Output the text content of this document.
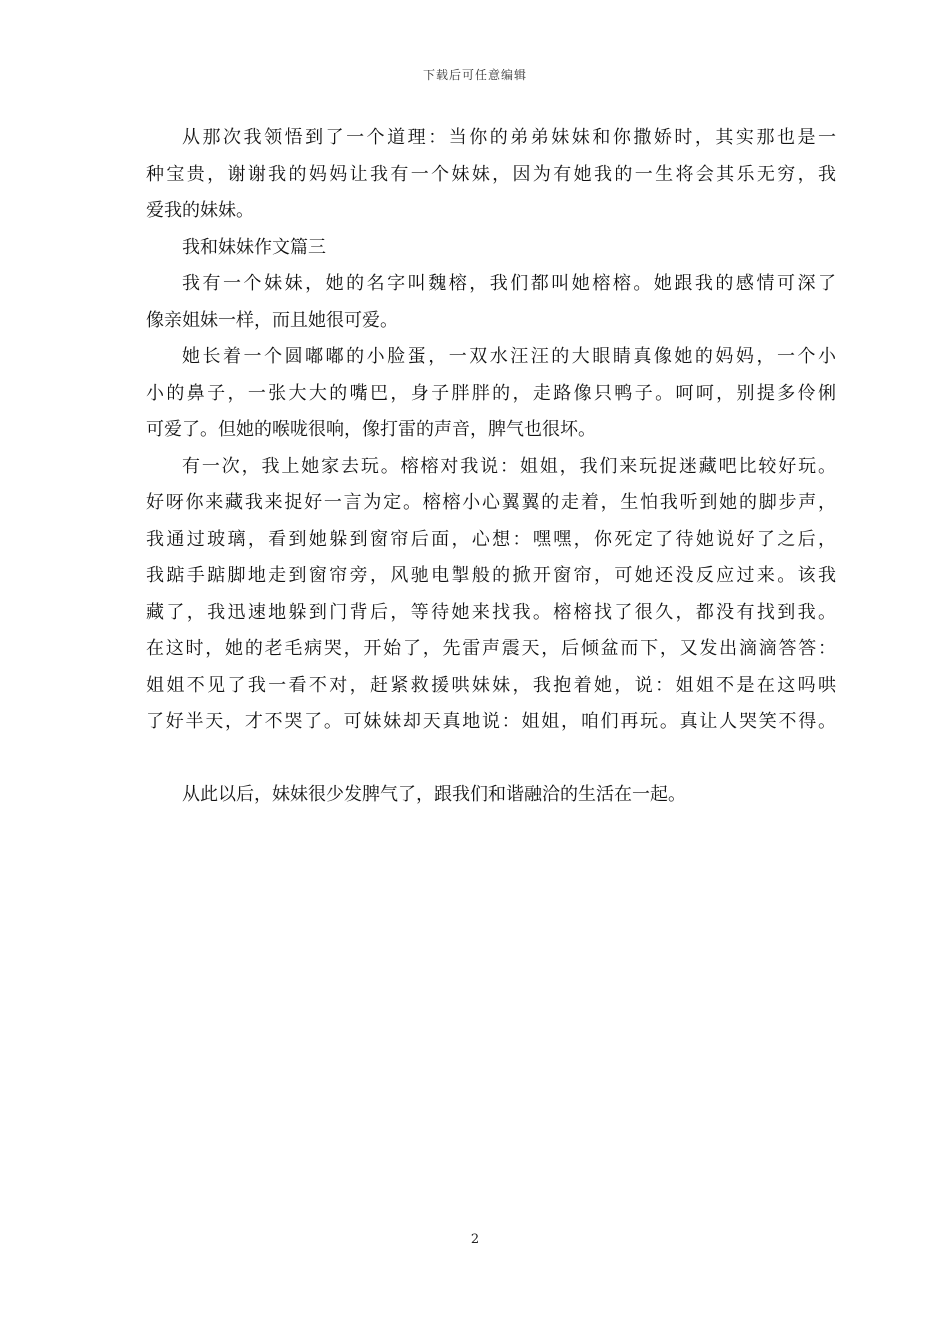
下载后可任意编辑
从那次我领悟到了一个道理：当你的弟弟妹妹和你撒娇时，其实那也是一
种宝贵，谢谢我的妈妈让我有一个妹妹，因为有她我的一生将会其乐无穷，我
爱我的妹妹。
我和妹妹作文篇三
我有一个妹妹，她的名字叫魏榕，我们都叫她榕榕。她跟我的感情可深了
像亲姐妹一样，而且她很可爱。
她长着一个圆嘟嘟的小脸蛋，一双水汪汪的大眼睛真像她的妈妈，一个小
小的鼻子，一张大大的嘴巴，身子胖胖的，走路像只鸭子。呵呵，别提多伶俐
可爱了。但她的喉咙很响，像打雷的声音，脾气也很坏。
有一次，我上她家去玩。榕榕对我说：姐姐，我们来玩捉迷藏吧比较好玩。
好呀你来藏我来捉好一言为定。榕榕小心翼翼的走着，生怕我听到她的脚步声，
我通过玻璃，看到她躲到窗帘后面，心想：嘿嘿，你死定了待她说好了之后，
我踮手踮脚地走到窗帘旁，风驰电掣般的掀开窗帘，可她还没反应过来。该我
藏了，我迅速地躲到门背后，等待她来找我。榕榕找了很久，都没有找到我。
在这时，她的老毛病哭，开始了，先雷声震天，后倾盆而下，又发出滴滴答答：
姐姐不见了我一看不对，赶紧救援哄妹妹，我抱着她，说：姐姐不是在这吗哄
了好半天，才不哭了。可妹妹却天真地说：姐姐，咱们再玩。真让人哭笑不得。
从此以后，妹妹很少发脾气了，跟我们和谐融洽的生活在一起。
2
